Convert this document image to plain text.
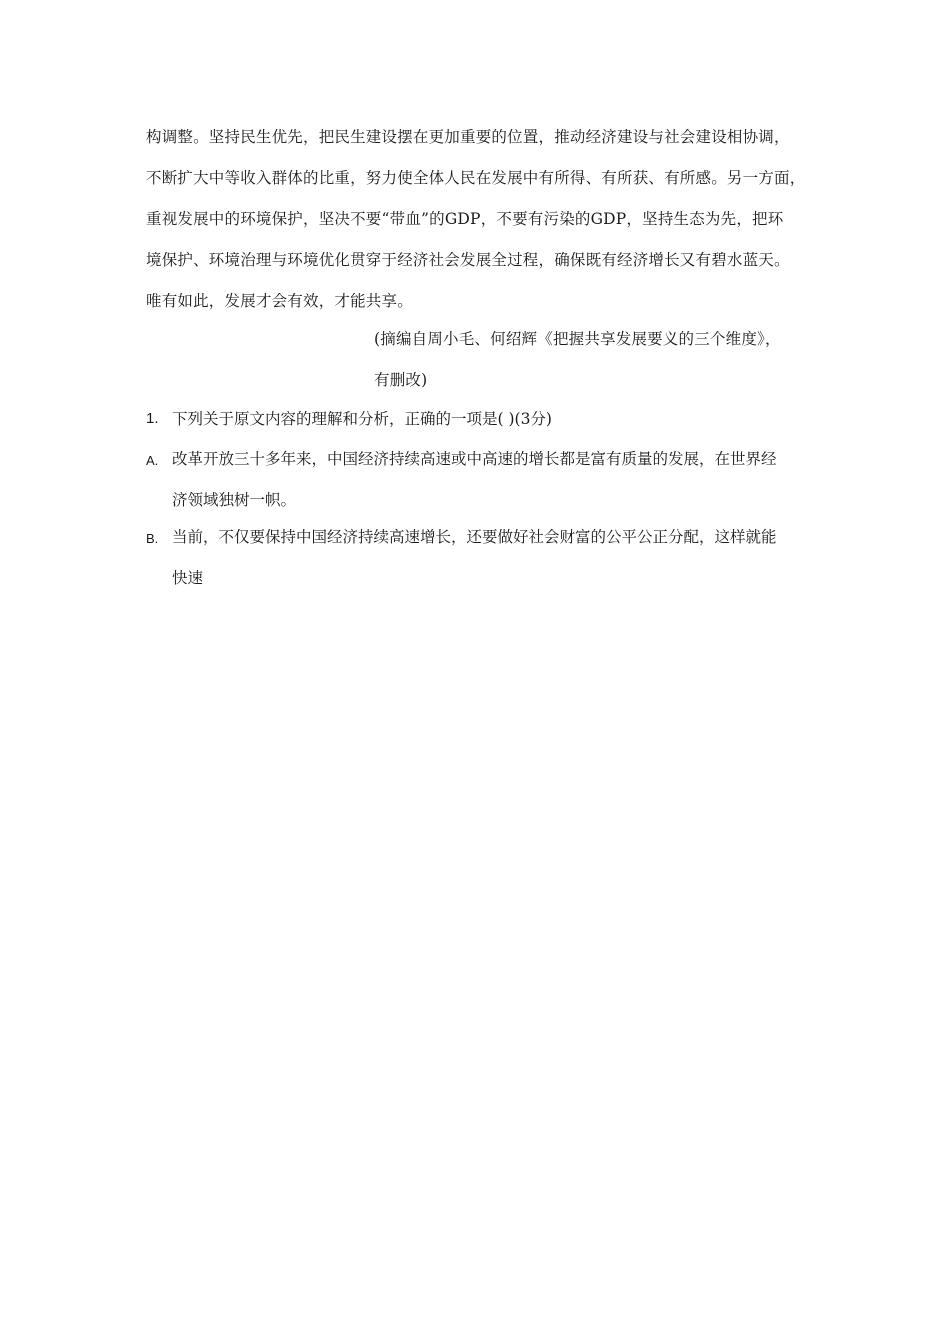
构调整。坚持民生优先，把民生建设摆在更加重要的位置，推动经济建设与社会建设相协调，
不断扩大中等收入群体的比重，努力使全体人民在发展中有所得、有所获、有所感。另一方面，
重视发展中的环境保护，坚决不要“带血”的GDP，不要有污染的GDP，坚持生态为先，把环
境保护、环境治理与环境优化贯穿于经济社会发展全过程，确保既有经济增长又有碧水蓝天。
唯有如此，发展才会有效，才能共享。
(摘编自周小毛、何绍辉《把握共享发展要义的三个维度》，
有删改)
1. 下列关于原文内容的理解和分析，正确的一项是( )(3分)
A. 改革开放三十多年来，中国经济持续高速或中高速的增长都是富有质量的发展，在世界经
济领域独树一帜。
B. 当前，不仅要保持中国经济持续高速增长，还要做好社会财富的公平公正分配，这样就能
快速
